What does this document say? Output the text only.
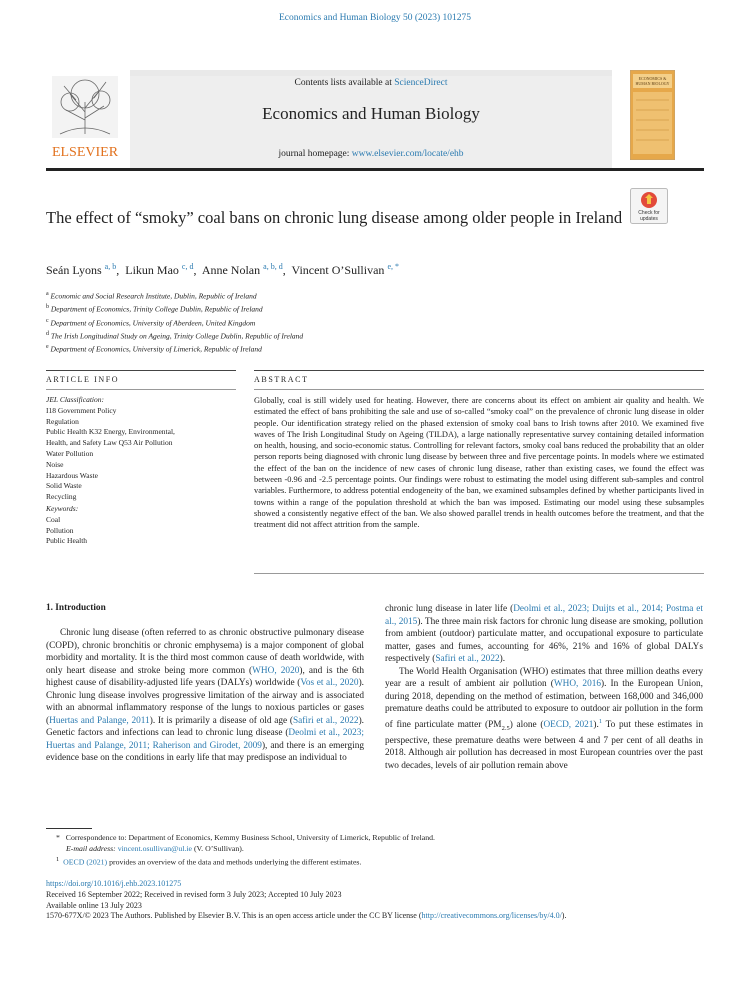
Economics and Human Biology 50 (2023) 101275
ELSEVIER
Contents lists available at ScienceDirect
Economics and Human Biology
journal homepage: www.elsevier.com/locate/ehb
ECONOMICS &
HUMAN BIOLOGY
The effect of “smoky” coal bans on chronic lung disease among older people in Ireland	Check for
updates
Seán Lyons $^{a, b}$,  Likun Mao $^{c, d}$,  Anne Nolan $^{a, b, d}$,  Vincent O’Sullivan $^{e, *}$
$^a$ Economic and Social Research Institute, Dublin, Republic of Ireland
$^b$ Department of Economics, Trinity College Dublin, Republic of Ireland
$^c$ Department of Economics, University of Aberdeen, United Kingdom
$^d$ The Irish Longitudinal Study on Ageing, Trinity College Dublin, Republic of Ireland
$^e$ Department of Economics, University of Limerick, Republic of Ireland
ARTICLE INFO	ABSTRACT
JEL Classification:
I18 Government Policy
Regulation
Public Health K32 Energy, Environmental,
Health, and Safety Law Q53 Air Pollution
Water Pollution
Noise
Hazardous Waste
Solid Waste
Recycling
Keywords:
Coal
Pollution
Public Health
Globally, coal is still widely used for heating. However, there are concerns about its effect on ambient air quality and health. We estimated the effect of bans prohibiting the sale and use of so-called “smoky coal” on the prevalence of chronic lung disease in older people. Our identification strategy relied on the phased extension of smoky coal bans to Irish towns after 2010. We examined five waves of The Irish Longitudinal Study on Ageing (TILDA), a large nationally representative survey containing detailed information on health, housing, and socio-economic status. Controlling for relevant factors, smoky coal bans reduced the probability that an older person reports being diagnosed with chronic lung disease by between three and five percentage points. In models where we estimated the effect of the ban on the incidence of new cases of chronic lung disease, rather than existing cases, we found the effect was between -0.96 and -2.5 percentage points. Our findings were robust to estimating the model using different sub-samples and control variables. Furthermore, to address potential endogeneity of the ban, we examined subsamples defined by whether participants lived in towns within a range of the population threshold at which the ban was imposed. Estimating our model using these subsamples showed a consistently negative effect of the ban. We also showed parallel trends in health outcomes before the treatment, and that the treatment did not affect attrition from the sample.
1. Introduction

Chronic lung disease (often referred to as chronic obstructive pulmonary disease (COPD), chronic bronchitis or chronic emphysema) is a major component of global morbidity and mortality. It is the third most common cause of death worldwide, with only heart disease and stroke being more common (WHO, 2020), and is the 6th highest cause of disability-adjusted life years (DALYs) worldwide (Vos et al., 2020). Chronic lung disease involves progressive limitation of the airway and is associated with an abnormal inflammatory response of the lungs to noxious particles or gases (Huertas and Palange, 2011). It is primarily a disease of old age (Safiri et al., 2022). Genetic factors and infections can lead to chronic lung disease (Deolmi et al., 2023; Huertas and Palange, 2011; Raherison and Girodet, 2009), and there is an emerging evidence base on the conditions in early life that may predispose an individual to

chronic lung disease in later life (Deolmi et al., 2023; Duijts et al., 2014; Postma et al., 2015). The three main risk factors for chronic lung disease are smoking, pollution from ambient (outdoor) particulate matter, and occupational exposure to particulate matter, gases and fumes, accounting for 46%, 21% and 16% of global DALYs respectively (Safiri et al., 2022).

The World Health Organisation (WHO) estimates that three million deaths every year are a result of ambient air pollution (WHO, 2016). In the European Union, during 2018, depending on the method of estimation, between 168,000 and 346,000 premature deaths could be attributed to exposure to outdoor air pollution in the form of fine particulate matter $(PM_{2.5})$ alone (OECD, 2021).$^1$ To put these estimates in perspective, these premature deaths were between 4 and 7 per cent of all deaths in 2018. Although air pollution has decreased in most European countries over the past two decades, levels of air pollution remain above

* Correspondence to: Department of Economics, Kemmy Business School, University of Limerick, Republic of Ireland.
E-mail address: vincent.osullivan@ul.ie (V. O’Sullivan).
$^1$ OECD (2021) provides an overview of the data and methods underlying the different estimates.
https://doi.org/10.1016/j.ehb.2023.101275
Received 16 September 2022; Received in revised form 3 July 2023; Accepted 10 July 2023
Available online 13 July 2023
1570-677X/© 2023 The Authors. Published by Elsevier B.V. This is an open access article under the CC BY license (http://creativecommons.org/licenses/by/4.0/).
